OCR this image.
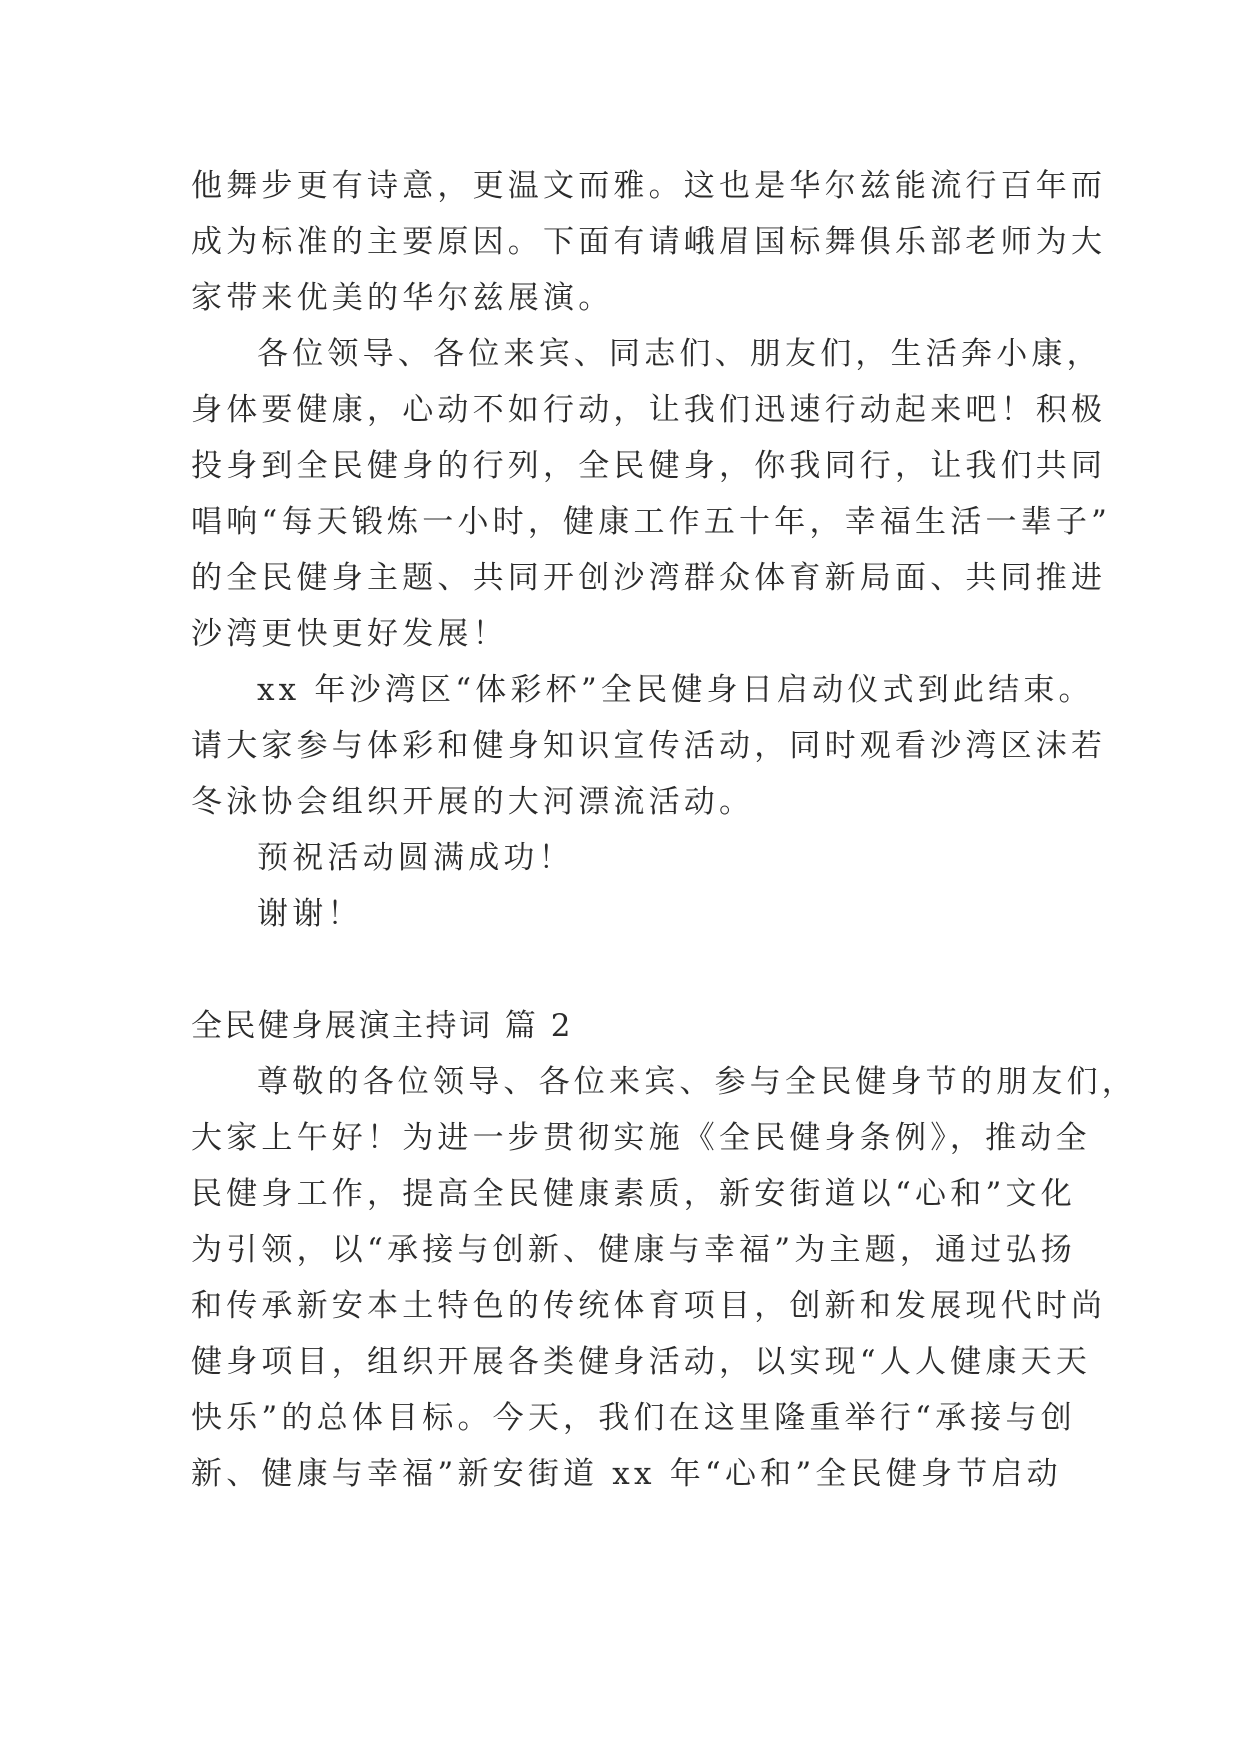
他舞步更有诗意，更温文而雅。这也是华尔兹能流行百年而
成为标准的主要原因。下面有请峨眉国标舞俱乐部老师为大
家带来优美的华尔兹展演。
各位领导、各位来宾、同志们、朋友们，生活奔小康，
身体要健康，心动不如行动，让我们迅速行动起来吧！积极
投身到全民健身的行列，全民健身，你我同行，让我们共同
唱响“每天锻炼一小时，健康工作五十年，幸福生活一辈子”
的全民健身主题、共同开创沙湾群众体育新局面、共同推进
沙湾更快更好发展！
xx 年沙湾区“体彩杯”全民健身日启动仪式到此结束。
请大家参与体彩和健身知识宣传活动，同时观看沙湾区沫若
冬泳协会组织开展的大河漂流活动。
预祝活动圆满成功！
谢谢！
全民健身展演主持词 篇 2
尊敬的各位领导、各位来宾、参与全民健身节的朋友们，
大家上午好！为进一步贯彻实施《全民健身条例》，推动全
民健身工作，提高全民健康素质，新安街道以“心和”文化
为引领，以“承接与创新、健康与幸福”为主题，通过弘扬
和传承新安本土特色的传统体育项目，创新和发展现代时尚
健身项目，组织开展各类健身活动，以实现“人人健康天天
快乐”的总体目标。今天，我们在这里隆重举行“承接与创
新、健康与幸福”新安街道 xx 年“心和”全民健身节启动
